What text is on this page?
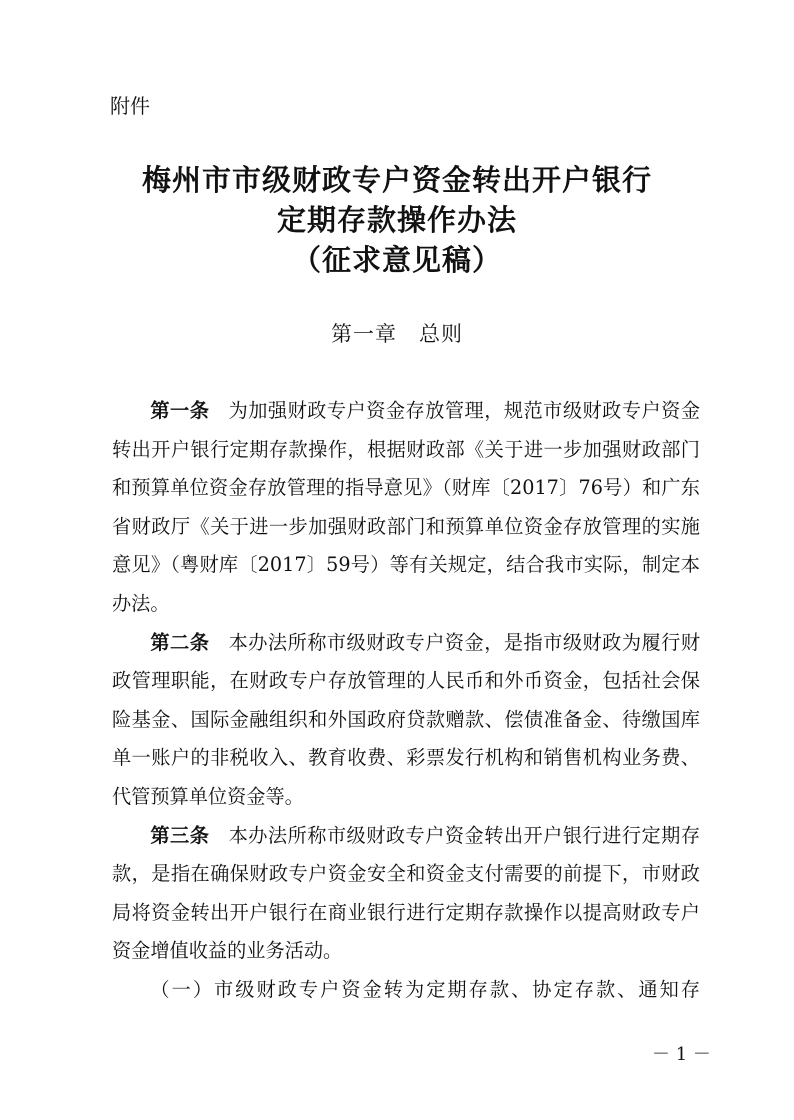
附件
梅州市市级财政专户资金转出开户银行
定期存款操作办法
（征求意见稿）
第一章 总则

第一条 为加强财政专户资金存放管理，规范市级财政专户资金转出开户银行定期存款操作，根据财政部《关于进一步加强财政部门和预算单位资金存放管理的指导意见》（财库〔2017〕76号）和广东省财政厅《关于进一步加强财政部门和预算单位资金存放管理的实施意见》（粤财库〔2017〕59号）等有关规定，结合我市实际，制定本办法。

第二条 本办法所称市级财政专户资金，是指市级财政为履行财政管理职能，在财政专户存放管理的人民币和外币资金，包括社会保险基金、国际金融组织和外国政府贷款赠款、偿债准备金、待缴国库单一账户的非税收入、教育收费、彩票发行机构和销售机构业务费、代管预算单位资金等。

第三条 本办法所称市级财政专户资金转出开户银行进行定期存款，是指在确保财政专户资金安全和资金支付需要的前提下，市财政局将资金转出开户银行在商业银行进行定期存款操作以提高财政专户资金增值收益的业务活动。

（一）市级财政专户资金转为定期存款、协定存款、通知存

－ 1 －
